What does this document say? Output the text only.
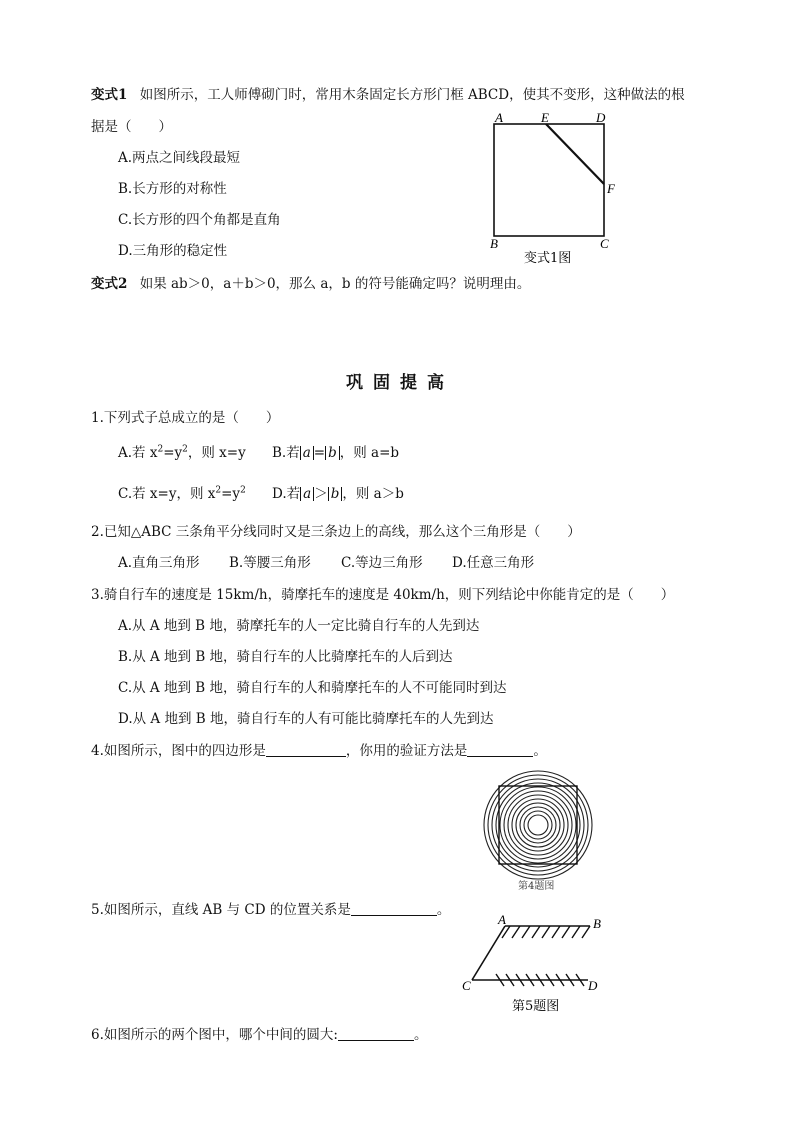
变式1 如图所示，工人师傅砌门时，常用木条固定长方形门框 ABCD，使其不变形，这种做法的根
据是（　　）
A.两点之间线段最短
B.长方形的对称性
C.长方形的四个角都是直角
D.三角形的稳定性
A	E	D
F
B	C
变式1图
变式2 如果 ab＞0，a＋b＞0，那么 a，b 的符号能确定吗？说明理由。
巩固提高
1.下列式子总成立的是（　　）
A.若 $x^2=y^2$，则 x=y B.若 a = b ，则 a=b
C.若 x=y，则 $x^2=y^2$ D.若 a ＞ b ，则 a＞b
2.已知△ABC 三条角平分线同时又是三条边上的高线，那么这个三角形是（　　）
A.直角三角形 B.等腰三角形 C.等边三角形 D.任意三角形
3.骑自行车的速度是 15km/h，骑摩托车的速度是 40km/h，则下列结论中你能肯定的是（　　）
A.从 A 地到 B 地，骑摩托车的人一定比骑自行车的人先到达
B.从 A 地到 B 地，骑自行车的人比骑摩托车的人后到达
C.从 A 地到 B 地，骑自行车的人和骑摩托车的人不可能同时到达
D.从 A 地到 B 地，骑自行车的人有可能比骑摩托车的人先到达
4.如图所示，图中的四边形是	，你用的验证方法是	。
第4题图
5.如图所示，直线 AB 与 CD 的位置关系是	。
A	B
C	D
第5题图
6.如图所示的两个图中，哪个中间的圆大:	。
